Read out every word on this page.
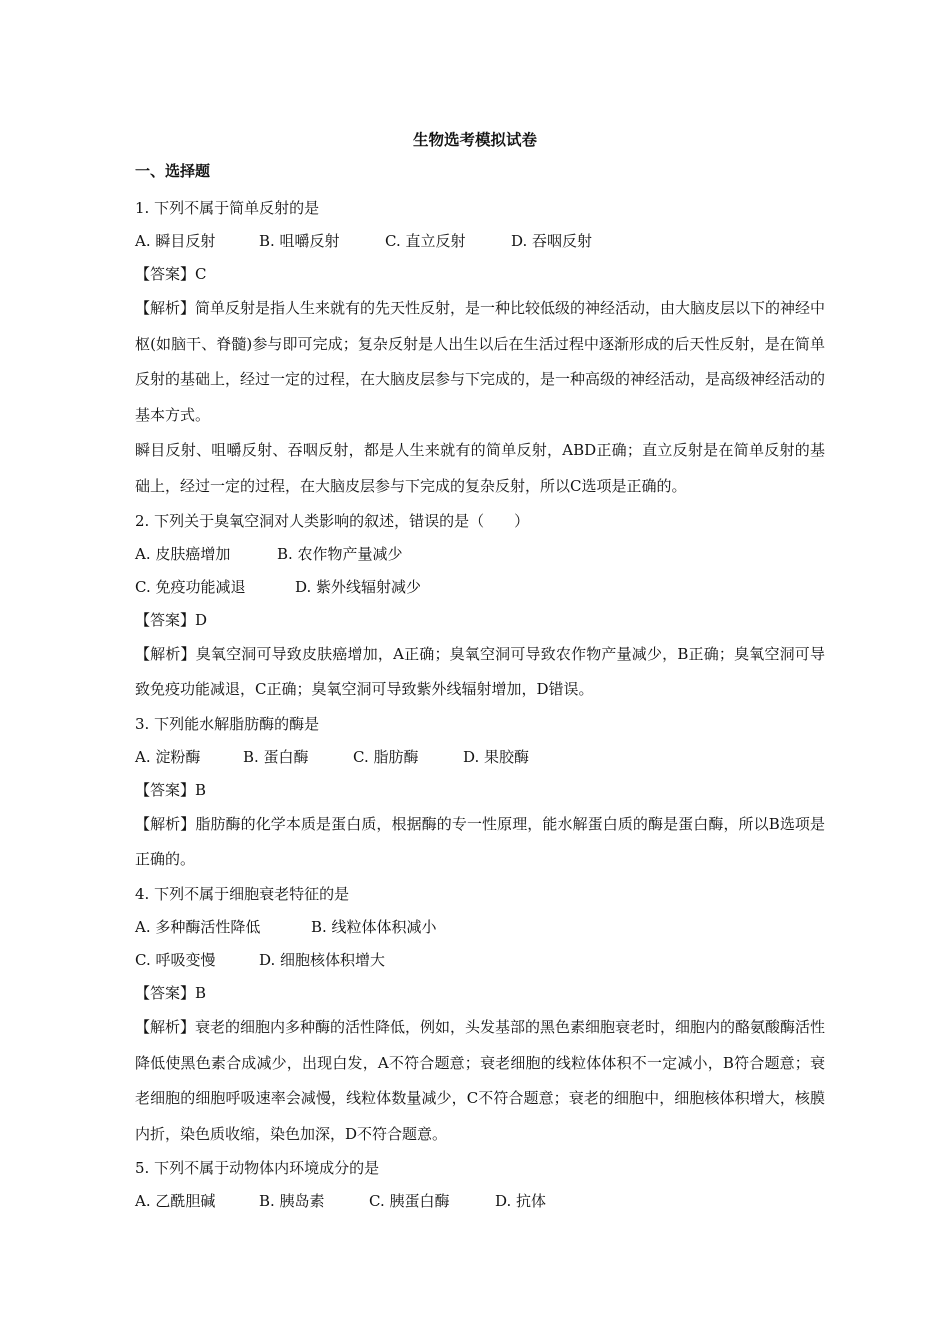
生物选考模拟试卷
一、选择题
1. 下列不属于简单反射的是
A. 瞬目反射	B. 咀嚼反射	C. 直立反射	D. 吞咽反射
【答案】C

【解析】简单反射是指人生来就有的先天性反射，是一种比较低级的神经活动，由大脑皮层以下的神经中枢(如脑干、脊髓)参与即可完成；复杂反射是人出生以后在生活过程中逐渐形成的后天性反射，是在简单反射的基础上，经过一定的过程，在大脑皮层参与下完成的，是一种高级的神经活动，是高级神经活动的基本方式。

瞬目反射、咀嚼反射、吞咽反射，都是人生来就有的简单反射，ABD正确；直立反射是在简单反射的基础上，经过一定的过程，在大脑皮层参与下完成的复杂反射，所以C选项是正确的。

2. 下列关于臭氧空洞对人类影响的叙述，错误的是（　　）
A. 皮肤癌增加	B. 农作物产量减少
C. 免疫功能减退	D. 紫外线辐射减少
【答案】D

【解析】臭氧空洞可导致皮肤癌增加，A正确；臭氧空洞可导致农作物产量减少，B正确；臭氧空洞可导致免疫功能减退，C正确；臭氧空洞可导致紫外线辐射增加，D错误。

3. 下列能水解脂肪酶的酶是
A. 淀粉酶	B. 蛋白酶	C. 脂肪酶	D. 果胶酶
【答案】B

【解析】脂肪酶的化学本质是蛋白质，根据酶的专一性原理，能水解蛋白质的酶是蛋白酶，所以B选项是正确的。

4. 下列不属于细胞衰老特征的是
A. 多种酶活性降低	B. 线粒体体积减小
C. 呼吸变慢	D. 细胞核体积增大
【答案】B

【解析】衰老的细胞内多种酶的活性降低，例如，头发基部的黑色素细胞衰老时，细胞内的酪氨酸酶活性降低使黑色素合成减少，出现白发，A不符合题意；衰老细胞的线粒体体积不一定减小，B符合题意；衰老细胞的细胞呼吸速率会减慢，线粒体数量减少，C不符合题意；衰老的细胞中，细胞核体积增大，核膜内折，染色质收缩，染色加深，D不符合题意。

5. 下列不属于动物体内环境成分的是
A. 乙酰胆碱	B. 胰岛素	C. 胰蛋白酶	D. 抗体
